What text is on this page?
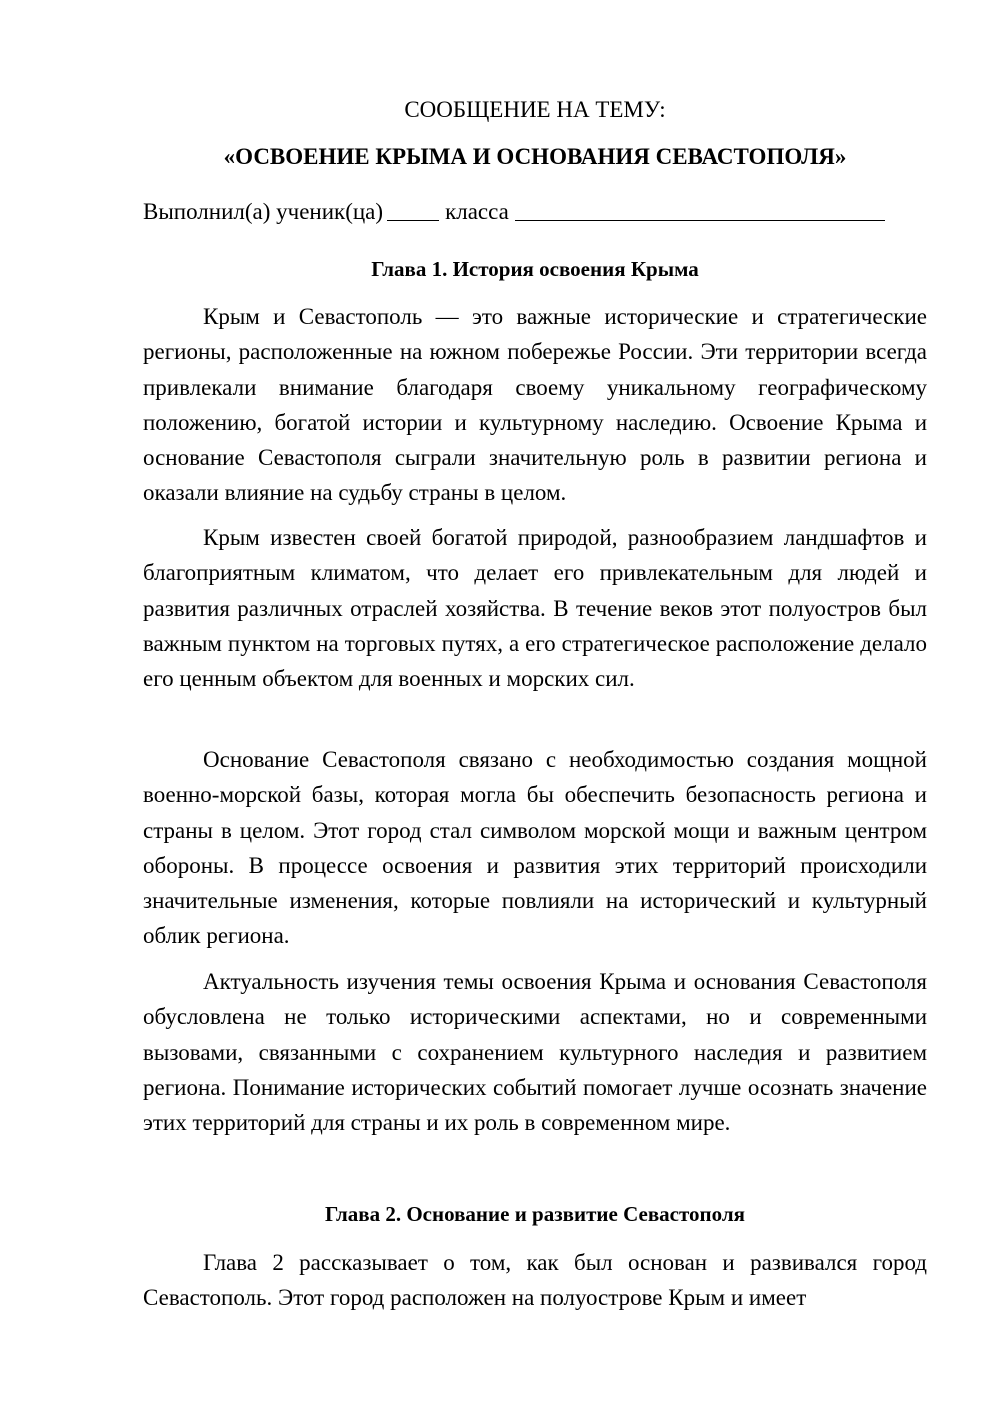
СООБЩЕНИЕ НА ТЕМУ:
«ОСВОЕНИЕ КРЫМА И ОСНОВАНИЯ СЕВАСТОПОЛЯ»
Выполнил(а) ученик(ца)	класса
Глава 1. История освоения Крыма

Крым и Севастополь — это важные исторические и стратегические регионы, расположенные на южном побережье России. Эти территории всегда привлекали внимание благодаря своему уникальному географическому положению, богатой истории и культурному наследию. Освоение Крыма и основание Севастополя сыграли значительную роль в развитии региона и оказали влияние на судьбу страны в целом.

Крым известен своей богатой природой, разнообразием ландшафтов и благоприятным климатом, что делает его привлекательным для людей и развития различных отраслей хозяйства. В течение веков этот полуостров был важным пунктом на торговых путях, а его стратегическое расположение делало его ценным объектом для военных и морских сил.

Основание Севастополя связано с необходимостью создания мощной военно-морской базы, которая могла бы обеспечить безопасность региона и страны в целом. Этот город стал символом морской мощи и важным центром обороны. В процессе освоения и развития этих территорий происходили значительные изменения, которые повлияли на исторический и культурный облик региона.

Актуальность изучения темы освоения Крыма и основания Севастополя обусловлена не только историческими аспектами, но и современными вызовами, связанными с сохранением культурного наследия и развитием региона. Понимание исторических событий помогает лучше осознать значение этих территорий для страны и их роль в современном мире.

Глава 2. Основание и развитие Севастополя

Глава 2 рассказывает о том, как был основан и развивался город Севастополь. Этот город расположен на полуострове Крым и имеет
